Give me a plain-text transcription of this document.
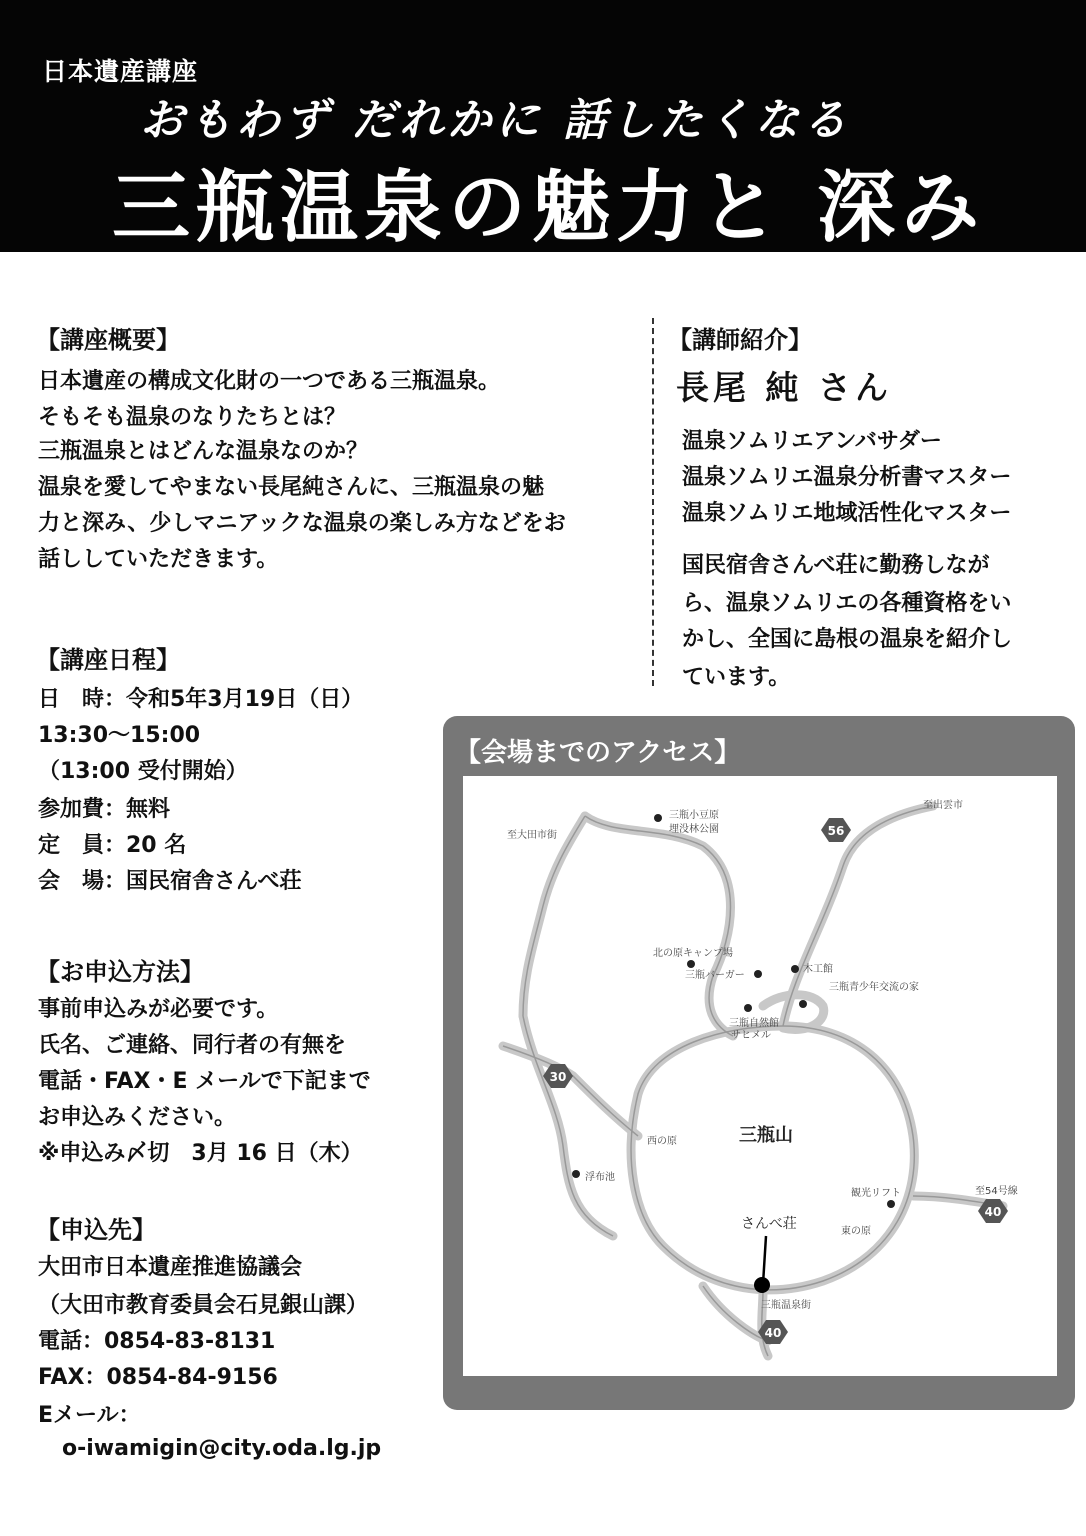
日本遺産講座
おもわず だれかに 話したくなる
三瓶温泉の魅力と 深み
【講座概要】
日本遺産の構成文化財の一つである三瓶温泉。
そもそも温泉のなりたちとは？
三瓶温泉とはどんな温泉なのか？
温泉を愛してやまない長尾純さんに、三瓶温泉の魅
力と深み、少しマニアックな温泉の楽しみ方などをお
話ししていただきます。
【講座日程】
日　時：令和5年3月19日（日）
13:30～15:00
（13:00 受付開始）
参加費：無料
定　員：20 名
会　場：国民宿舎さんべ荘
【お申込方法】
事前申込みが必要です。
氏名、ご連絡、同行者の有無を
電話・FAX・E メールで下記まで
お申込みください。
※申込み〆切　3月 16 日（木）
【申込先】
大田市日本遺産推進協議会
（大田市教育委員会石見銀山課）
電話：0854-83-8131
FAX：0854-84-9156
Eメール：
o-iwamigin@city.oda.lg.jp
【講師紹介】
長尾 純 さん
温泉ソムリエアンバサダー
温泉ソムリエ温泉分析書マスター
温泉ソムリエ地域活性化マスター
国民宿舎さんべ荘に勤務しなが
ら、温泉ソムリエの各種資格をい
かし、全国に島根の温泉を紹介し
ています。
【会場までのアクセス】
56
30
40
40
至出雲市
至大田市街
三瓶小豆原
埋没林公園
北の原キャンプ場
三瓶バーガー
木工館
三瓶青少年交流の家
三瓶自然館
サヒメル
西の原
浮布池
観光リフト
東の原
至54号線
三瓶温泉街
三瓶山
さんべ荘
